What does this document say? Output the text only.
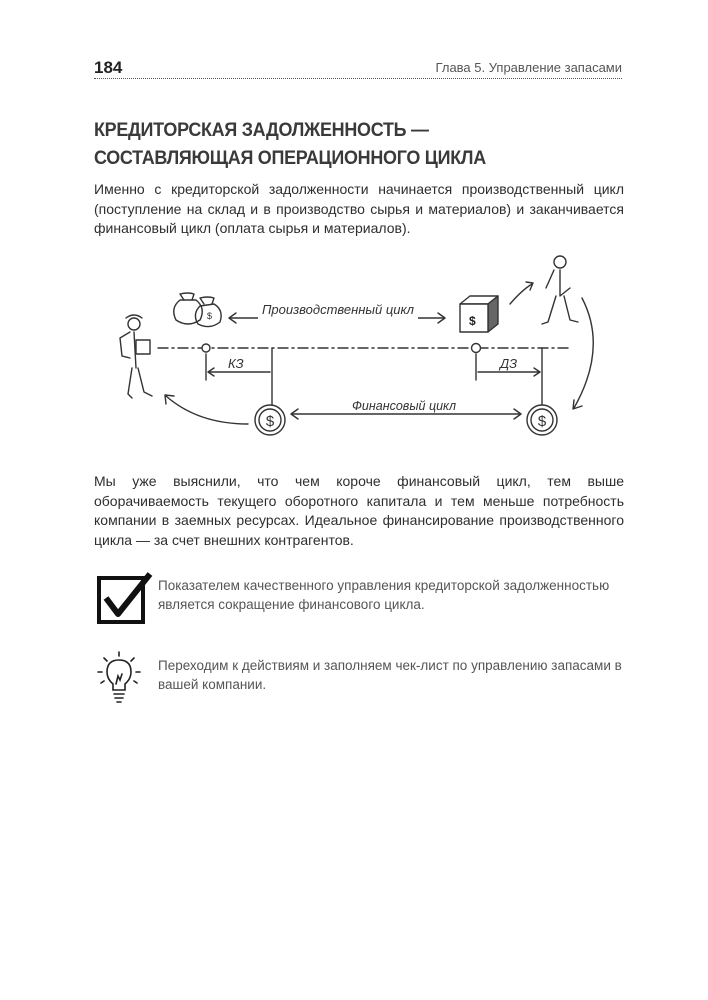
184	Глава 5. Управление запасами
КРЕДИТОРСКАЯ ЗАДОЛЖЕННОСТЬ —
СОСТАВЛЯЮЩАЯ ОПЕРАЦИОННОГО ЦИКЛА

Именно с кредиторской задолженности начинается производственный цикл (поступление на склад и в производство сырья и материалов) и заканчивается финансовый цикл (оплата сырья и материалов).

$	$
Производственный цикл
КЗ	ДЗ
$	$
Финансовый цикл

Мы уже выяснили, что чем короче финансовый цикл, тем выше оборачиваемость текущего оборотного капитала и тем меньше потребность компании в заемных ресурсах. Идеальное финансирование производственного цикла — за счет внешних контрагентов.

Показателем качественного управления кредиторской задолженностью является сокращение финансового цикла.

Переходим к действиям и заполняем чек-лист по управлению запасами в вашей компании.
